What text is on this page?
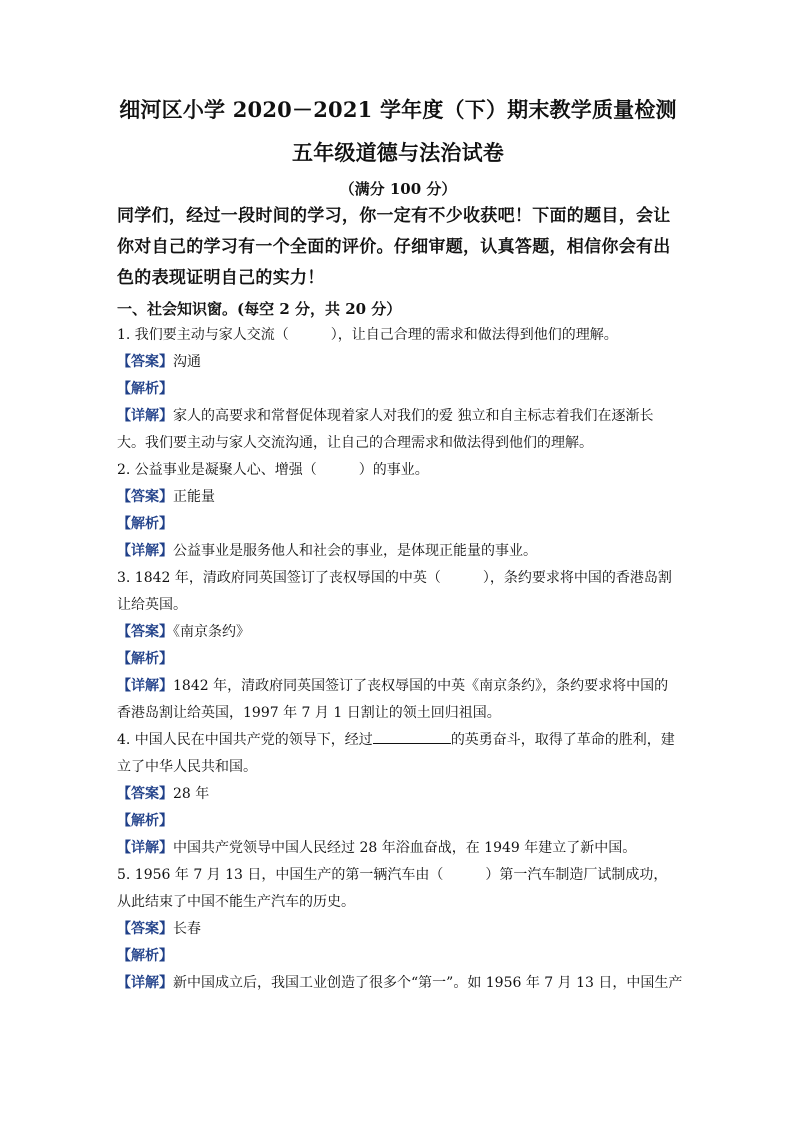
细河区小学 2020－2021 学年度（下）期末教学质量检测
五年级道德与法治试卷
（满分 100 分）
同学们，经过一段时间的学习，你一定有不少收获吧！下面的题目，会让你对自己的学习有一个全面的评价。仔细审题，认真答题，相信你会有出色的表现证明自己的实力！
一、社会知识窗。(每空 2 分，共 20 分）
1. 我们要主动与家人交流（　　　），让自己合理的需求和做法得到他们的理解。
【答案】沟通
【解析】
【详解】家人的高要求和常督促体现着家人对我们的爱 独立和自主标志着我们在逐渐长大。我们要主动与家人交流沟通，让自己的合理需求和做法得到他们的理解。
2. 公益事业是凝聚人心、增强（　　　）的事业。
【答案】正能量
【解析】
【详解】公益事业是服务他人和社会的事业，是体现正能量的事业。
3. 1842 年，清政府同英国签订了丧权辱国的中英（　　　），条约要求将中国的香港岛割让给英国。
【答案】《南京条约》
【解析】
【详解】1842 年，清政府同英国签订了丧权辱国的中英《南京条约》，条约要求将中国的香港岛割让给英国，1997 年 7 月 1 日割让的领土回归祖国。
4. 中国人民在中国共产党的领导下，经过	的英勇奋斗，取得了革命的胜利，建立了中华人民共和国。
【答案】28 年
【解析】
【详解】中国共产党领导中国人民经过 28 年浴血奋战，在 1949 年建立了新中国。
5. 1956 年 7 月 13 日，中国生产的第一辆汽车由（　　　）第一汽车制造厂试制成功，从此结束了中国不能生产汽车的历史。
【答案】长春
【解析】
【详解】新中国成立后，我国工业创造了很多个“第一”。如 1956 年 7 月 13 日，中国生产
